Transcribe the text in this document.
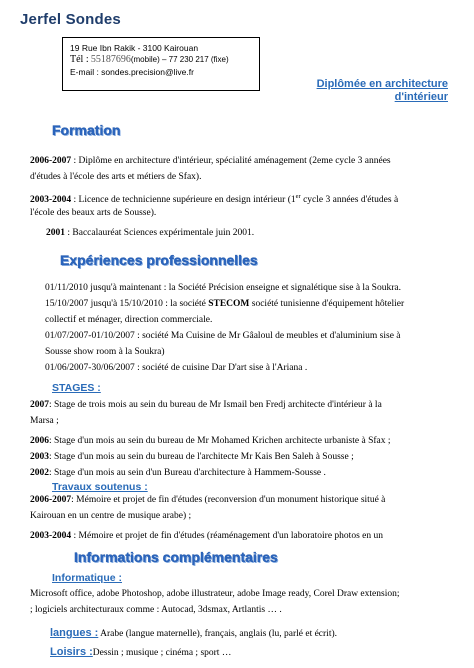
Jerfel Sondes
19 Rue Ibn Rakik - 3100 Kairouan
Tél : 55187696(mobile) – 77 230 217 (fixe)
E-mail : sondes.precision@live.fr
Diplômée en architecture
d'intérieur
Formation
2006-2007 : Diplôme en architecture d'intérieur, spécialité aménagement (2eme cycle 3 années
d'études à l'école des arts et métiers de Sfax).
2003-2004 : Licence de technicienne supérieure en design intérieur (1er cycle 3 années d'études à
l'école des beaux arts de Sousse).
2001 : Baccalauréat Sciences expérimentale juin 2001.
Expériences professionnelles
01/11/2010 jusqu'à maintenant : la Société Précision enseigne et signalétique sise à la Soukra.
15/10/2007 jusqu'à 15/10/2010 : la société STECOM société tunisienne d'équipement hôtelier
collectif et ménager, direction commerciale.
01/07/2007-01/10/2007 : société Ma Cuisine de Mr Gâaloul de meubles et d'aluminium sise à
Sousse show room à la Soukra)
01/06/2007-30/06/2007 : société de cuisine Dar D'art sise à l'Ariana .
STAGES :
2007: Stage de trois mois au sein du bureau de Mr Ismail ben Fredj architecte d'intérieur à la
Marsa ;
2006: Stage d'un mois au sein du bureau de Mr Mohamed Krichen architecte urbaniste à Sfax ;
2003: Stage d'un mois au sein du bureau de l'architecte Mr Kais Ben Saleh à Sousse ;
2002: Stage d'un mois au sein d'un Bureau d'architecture à Hammem-Sousse .
Travaux soutenus :
2006-2007: Mémoire et projet de fin d'études (reconversion d'un monument historique situé à
Kairouan en un centre de musique arabe) ;
2003-2004 : Mémoire et projet de fin d'études (réaménagement d'un laboratoire photos en un
Informations complémentaires
Informatique :
Microsoft office, adobe Photoshop, adobe illustrateur, adobe Image ready, Corel Draw extension;
; logiciels architecturaux comme : Autocad, 3dsmax, Artlantis … .
langues : Arabe (langue maternelle), français, anglais (lu, parlé et écrit).
Loisirs :Dessin ; musique ; cinéma ; sport …
